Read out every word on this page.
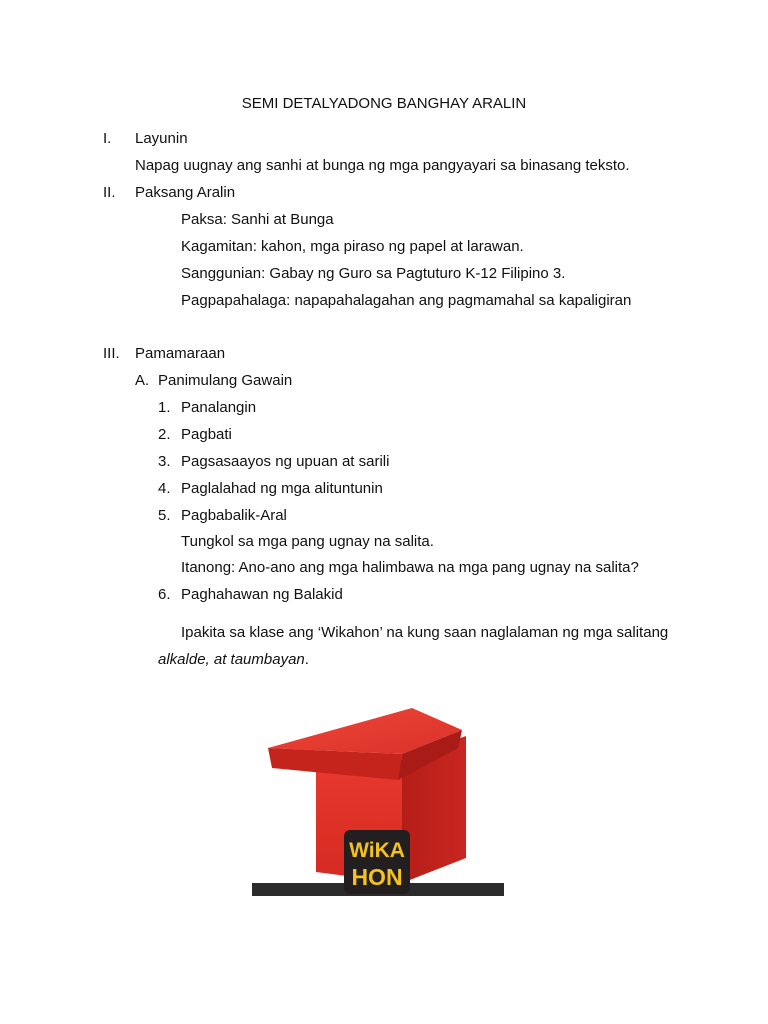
SEMI DETALYADONG BANGHAY ARALIN
I. Layunin
Napag uugnay ang sanhi at bunga ng mga pangyayari sa binasang teksto.
II. Paksang Aralin
Paksa: Sanhi at Bunga
Kagamitan: kahon, mga piraso ng papel at larawan.
Sanggunian: Gabay ng Guro sa Pagtuturo K-12 Filipino 3.
Pagpapahalaga: napapahalagahan ang pagmamahal sa kapaligiran
III. Pamamaraan
A. Panimulang Gawain
1. Panalangin
2. Pagbati
3. Pagsasaayos ng upuan at sarili
4. Paglalahad ng mga alituntunin
5. Pagbabalik-Aral
Tungkol sa mga pang ugnay na salita.
Itanong: Ano-ano ang mga halimbawa na mga pang ugnay na salita?
6. Paghahawan ng Balakid
Ipakita sa klase ang ‘Wikahon’ na kung saan naglalaman ng mga salitang
alkalde, at taumbayan.
WiKA
HON
